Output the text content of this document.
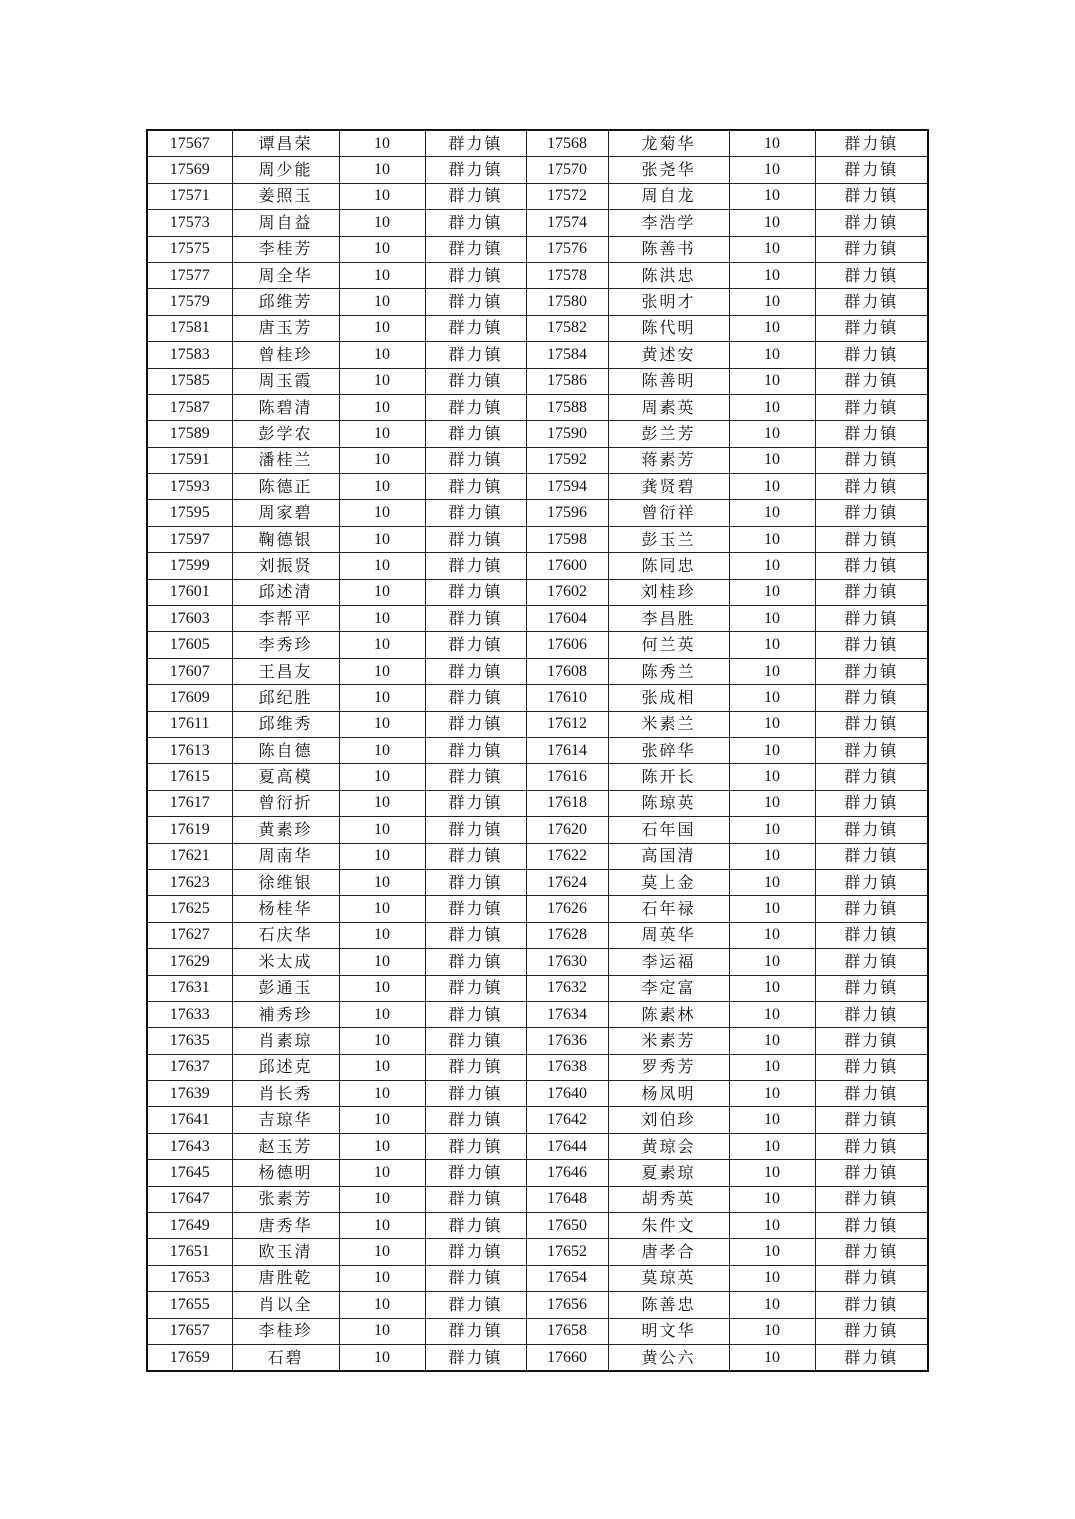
17567	谭昌荣	10	群力镇	17568	龙菊华	10	群力镇
17569	周少能	10	群力镇	17570	张尧华	10	群力镇
17571	姜照玉	10	群力镇	17572	周自龙	10	群力镇
17573	周自益	10	群力镇	17574	李浩学	10	群力镇
17575	李桂芳	10	群力镇	17576	陈善书	10	群力镇
17577	周全华	10	群力镇	17578	陈洪忠	10	群力镇
17579	邱维芳	10	群力镇	17580	张明才	10	群力镇
17581	唐玉芳	10	群力镇	17582	陈代明	10	群力镇
17583	曾桂珍	10	群力镇	17584	黄述安	10	群力镇
17585	周玉霞	10	群力镇	17586	陈善明	10	群力镇
17587	陈碧清	10	群力镇	17588	周素英	10	群力镇
17589	彭学农	10	群力镇	17590	彭兰芳	10	群力镇
17591	潘桂兰	10	群力镇	17592	蒋素芳	10	群力镇
17593	陈德正	10	群力镇	17594	龚贤碧	10	群力镇
17595	周家碧	10	群力镇	17596	曾衍祥	10	群力镇
17597	鞠德银	10	群力镇	17598	彭玉兰	10	群力镇
17599	刘振贤	10	群力镇	17600	陈同忠	10	群力镇
17601	邱述清	10	群力镇	17602	刘桂珍	10	群力镇
17603	李帮平	10	群力镇	17604	李昌胜	10	群力镇
17605	李秀珍	10	群力镇	17606	何兰英	10	群力镇
17607	王昌友	10	群力镇	17608	陈秀兰	10	群力镇
17609	邱纪胜	10	群力镇	17610	张成相	10	群力镇
17611	邱维秀	10	群力镇	17612	米素兰	10	群力镇
17613	陈自德	10	群力镇	17614	张碎华	10	群力镇
17615	夏高模	10	群力镇	17616	陈开长	10	群力镇
17617	曾衍折	10	群力镇	17618	陈琼英	10	群力镇
17619	黄素珍	10	群力镇	17620	石年国	10	群力镇
17621	周南华	10	群力镇	17622	高国清	10	群力镇
17623	徐维银	10	群力镇	17624	莫上金	10	群力镇
17625	杨桂华	10	群力镇	17626	石年禄	10	群力镇
17627	石庆华	10	群力镇	17628	周英华	10	群力镇
17629	米太成	10	群力镇	17630	李运福	10	群力镇
17631	彭通玉	10	群力镇	17632	李定富	10	群力镇
17633	補秀珍	10	群力镇	17634	陈素林	10	群力镇
17635	肖素琼	10	群力镇	17636	米素芳	10	群力镇
17637	邱述克	10	群力镇	17638	罗秀芳	10	群力镇
17639	肖长秀	10	群力镇	17640	杨凤明	10	群力镇
17641	吉琼华	10	群力镇	17642	刘伯珍	10	群力镇
17643	赵玉芳	10	群力镇	17644	黄琼会	10	群力镇
17645	杨德明	10	群力镇	17646	夏素琼	10	群力镇
17647	张素芳	10	群力镇	17648	胡秀英	10	群力镇
17649	唐秀华	10	群力镇	17650	朱件文	10	群力镇
17651	欧玉清	10	群力镇	17652	唐孝合	10	群力镇
17653	唐胜乾	10	群力镇	17654	莫琼英	10	群力镇
17655	肖以全	10	群力镇	17656	陈善忠	10	群力镇
17657	李桂珍	10	群力镇	17658	明文华	10	群力镇
17659	石碧	10	群力镇	17660	黄公六	10	群力镇
